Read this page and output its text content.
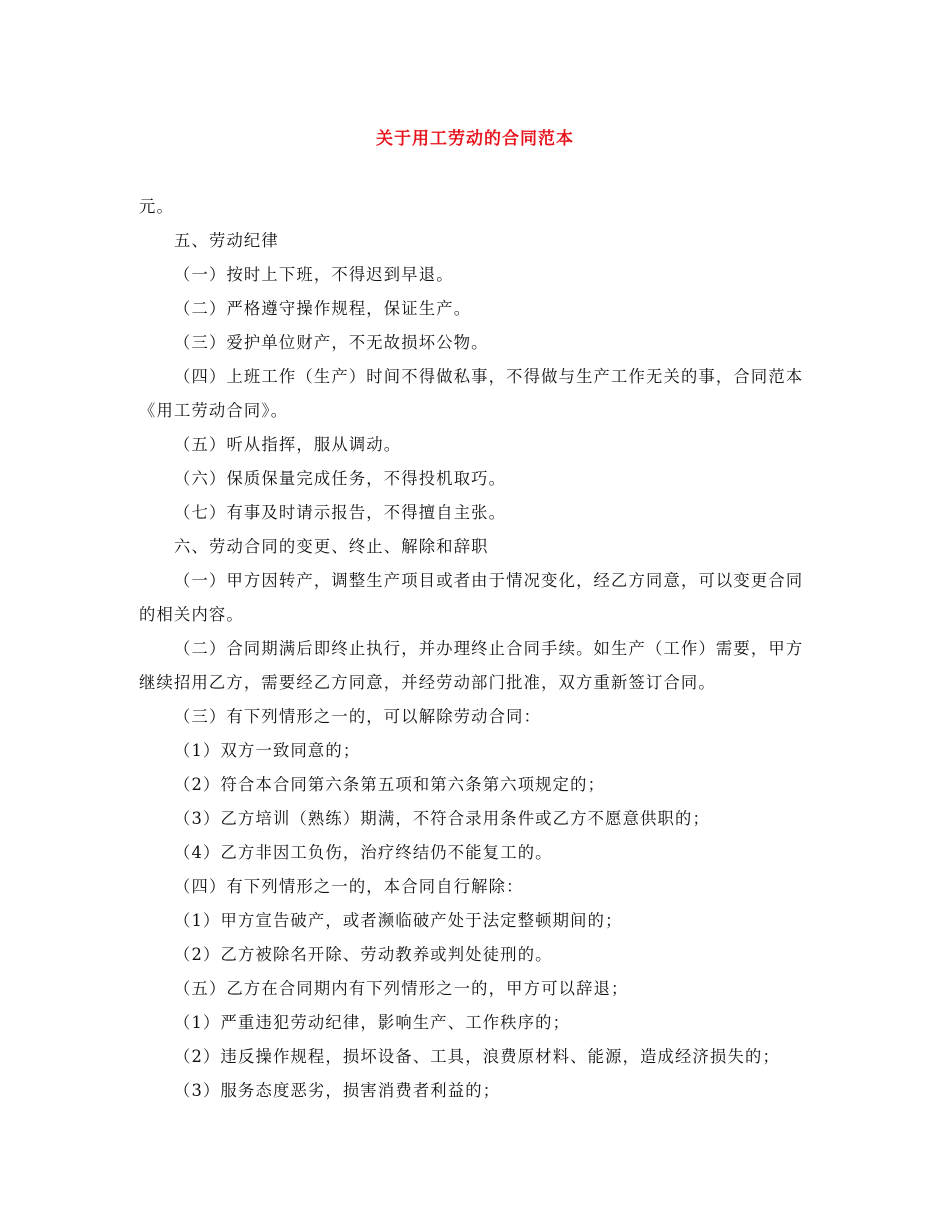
关于用工劳动的合同范本

元。

五、劳动纪律

（一）按时上下班，不得迟到早退。

（二）严格遵守操作规程，保证生产。

（三）爱护单位财产，不无故损坏公物。

（四）上班工作（生产）时间不得做私事，不得做与生产工作无关的事，合同范本《用工劳动合同》。

（五）听从指挥，服从调动。

（六）保质保量完成任务，不得投机取巧。

（七）有事及时请示报告，不得擅自主张。

六、劳动合同的变更、终止、解除和辞职

（一）甲方因转产，调整生产项目或者由于情况变化，经乙方同意，可以变更合同的相关内容。

（二）合同期满后即终止执行，并办理终止合同手续。如生产（工作）需要，甲方继续招用乙方，需要经乙方同意，并经劳动部门批准，双方重新签订合同。

（三）有下列情形之一的，可以解除劳动合同：

（1）双方一致同意的；

（2）符合本合同第六条第五项和第六条第六项规定的；

（3）乙方培训（熟练）期满，不符合录用条件或乙方不愿意供职的；

（4）乙方非因工负伤，治疗终结仍不能复工的。

（四）有下列情形之一的，本合同自行解除：

（1）甲方宣告破产，或者濒临破产处于法定整顿期间的；

（2）乙方被除名开除、劳动教养或判处徒刑的。

（五）乙方在合同期内有下列情形之一的，甲方可以辞退；

（1）严重违犯劳动纪律，影响生产、工作秩序的；

（2）违反操作规程，损坏设备、工具，浪费原材料、能源，造成经济损失的；

（3）服务态度恶劣，损害消费者利益的；
